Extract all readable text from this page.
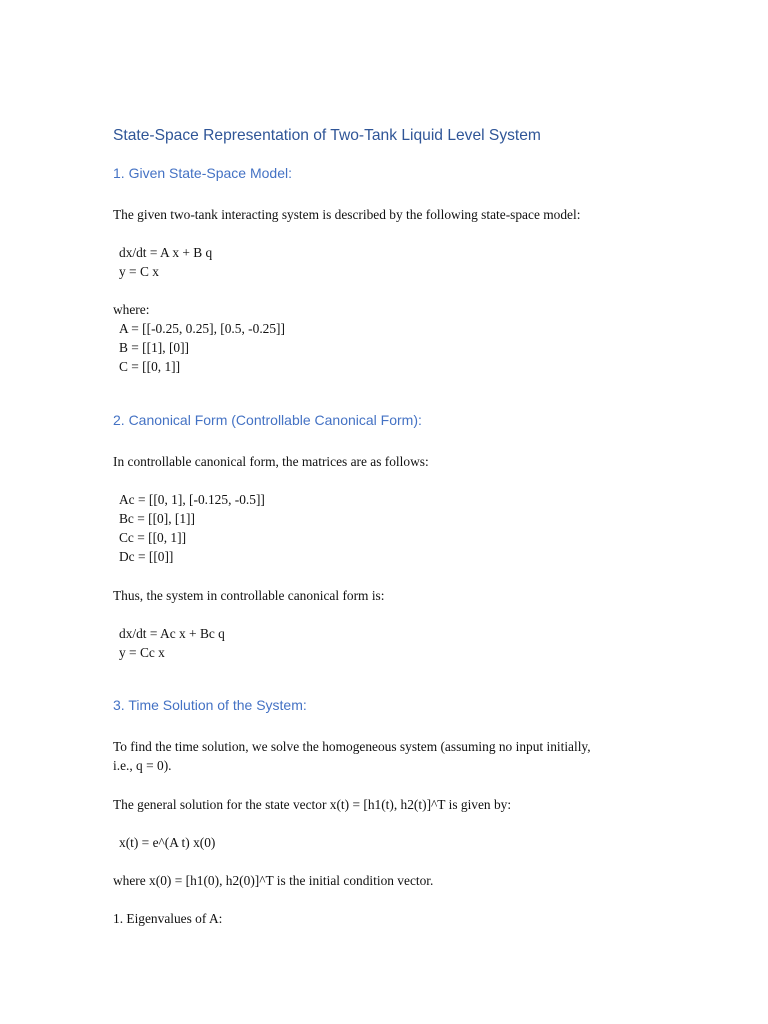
State-Space Representation of Two-Tank Liquid Level System
1. Given State-Space Model:
The given two-tank interacting system is described by the following state-space model:
dx/dt = A x + B q
y = C x
where:
A = [[-0.25, 0.25], [0.5, -0.25]]
B = [[1], [0]]
C = [[0, 1]]
2. Canonical Form (Controllable Canonical Form):
In controllable canonical form, the matrices are as follows:
Ac = [[0, 1], [-0.125, -0.5]]
Bc = [[0], [1]]
Cc = [[0, 1]]
Dc = [[0]]
Thus, the system in controllable canonical form is:
dx/dt = Ac x + Bc q
y = Cc x
3. Time Solution of the System:
To find the time solution, we solve the homogeneous system (assuming no input initially,
i.e., q = 0).
The general solution for the state vector x(t) = [h1(t), h2(t)]^T is given by:
x(t) = e^(A t) x(0)
where x(0) = [h1(0), h2(0)]^T is the initial condition vector.
1. Eigenvalues of A:
